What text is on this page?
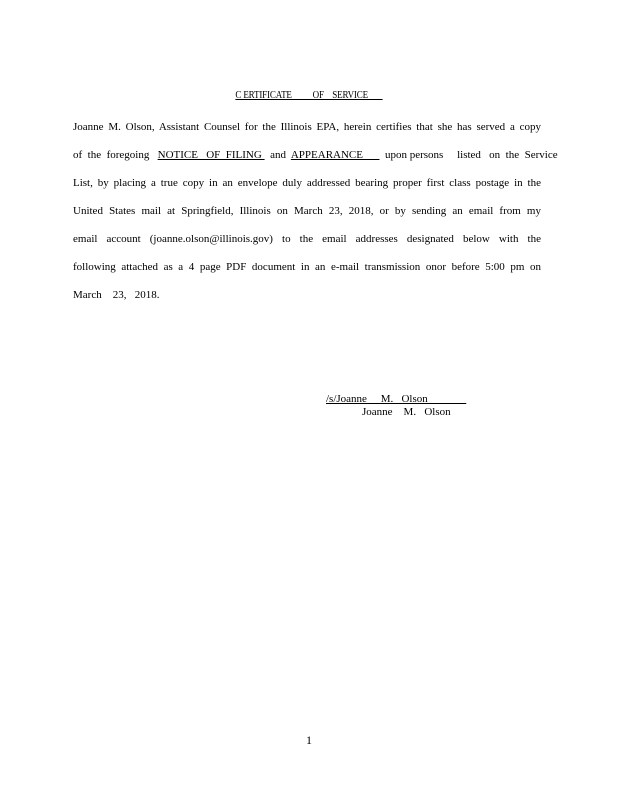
C ERTIFICATE          OF    SERVICE
Joanne M. Olson, Assistant Counsel for the Illinois EPA, herein certifies that she has served a copy
of  the  foregoing   NOTICE   OF  FILING   and  APPEARANCE        upon persons     listed   on  the  Service
List, by placing a true copy in an envelope duly addressed bearing proper first class postage in the
United States mail at Springfield, Illinois on March 23, 2018, or by sending an email from my
email account (joanne.olson@illinois.gov) to the email addresses designated below with the
following attached as a 4 page PDF document in an e-mail transmission onor before 5:00 pm on
March    23,   2018.
/s/Joanne     M.   Olson
Joanne    M.   Olson
1
